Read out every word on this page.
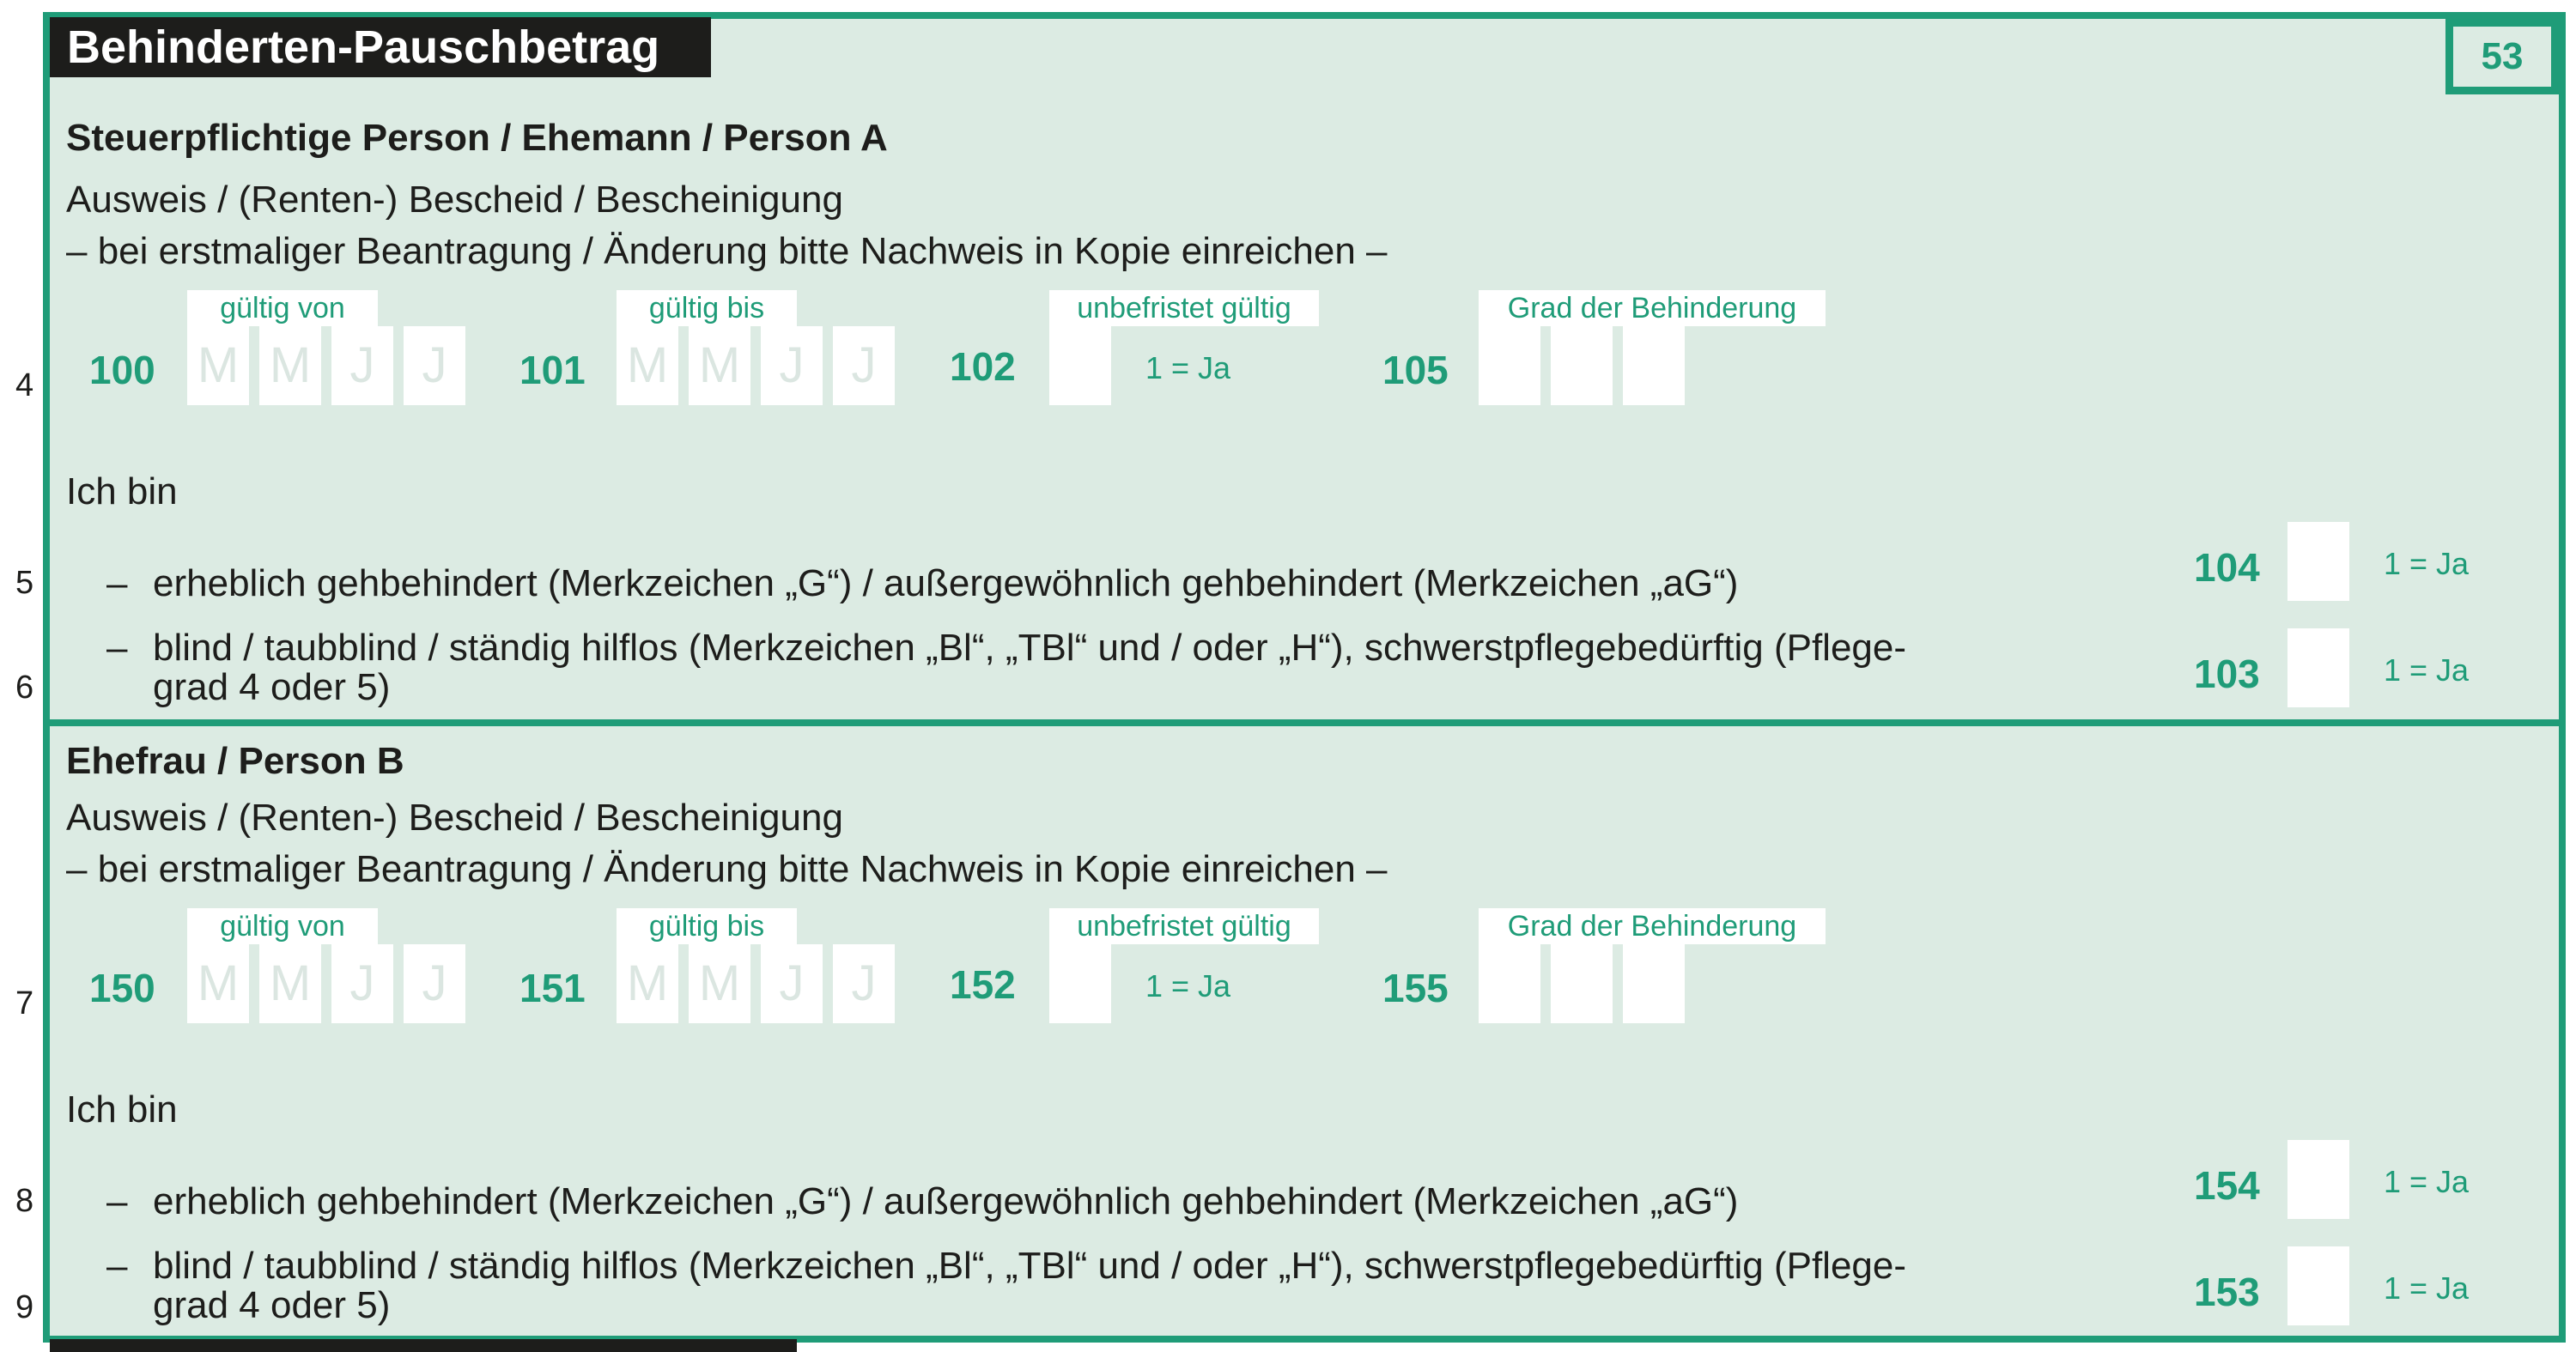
4
5
6
7
8
9
Behinderten-Pauschbetrag	53
Steuerpflichtige Person / Ehemann / Person A
Ausweis / (Renten-) Bescheid / Bescheinigung
– bei erstmaliger Beantragung / Änderung bitte Nachweis in Kopie einreichen –
gültig von	gültig bis	unbefristet gültig	Grad der Behinderung
100 M M J J	101 M M J J	102	1 = Ja	105
Ich bin
– erheblich gehbehindert (Merkzeichen „G“) / außergewöhnlich gehbehindert (Merkzeichen „aG“)	104	1 = Ja
– blind / taubblind / ständig hilflos (Merkzeichen „Bl“, „TBl“ und / oder „H“), schwerstpflegebedürftig (Pflege-
grad 4 oder 5)	103	1 = Ja
Ehefrau / Person B
Ausweis / (Renten-) Bescheid / Bescheinigung
– bei erstmaliger Beantragung / Änderung bitte Nachweis in Kopie einreichen –
gültig von	gültig bis	unbefristet gültig	Grad der Behinderung
150 M M J J	151 M M J J	152	1 = Ja	155
Ich bin
– erheblich gehbehindert (Merkzeichen „G“) / außergewöhnlich gehbehindert (Merkzeichen „aG“)	154	1 = Ja
– blind / taubblind / ständig hilflos (Merkzeichen „Bl“, „TBl“ und / oder „H“), schwerstpflegebedürftig (Pflege-
grad 4 oder 5)	153	1 = Ja
